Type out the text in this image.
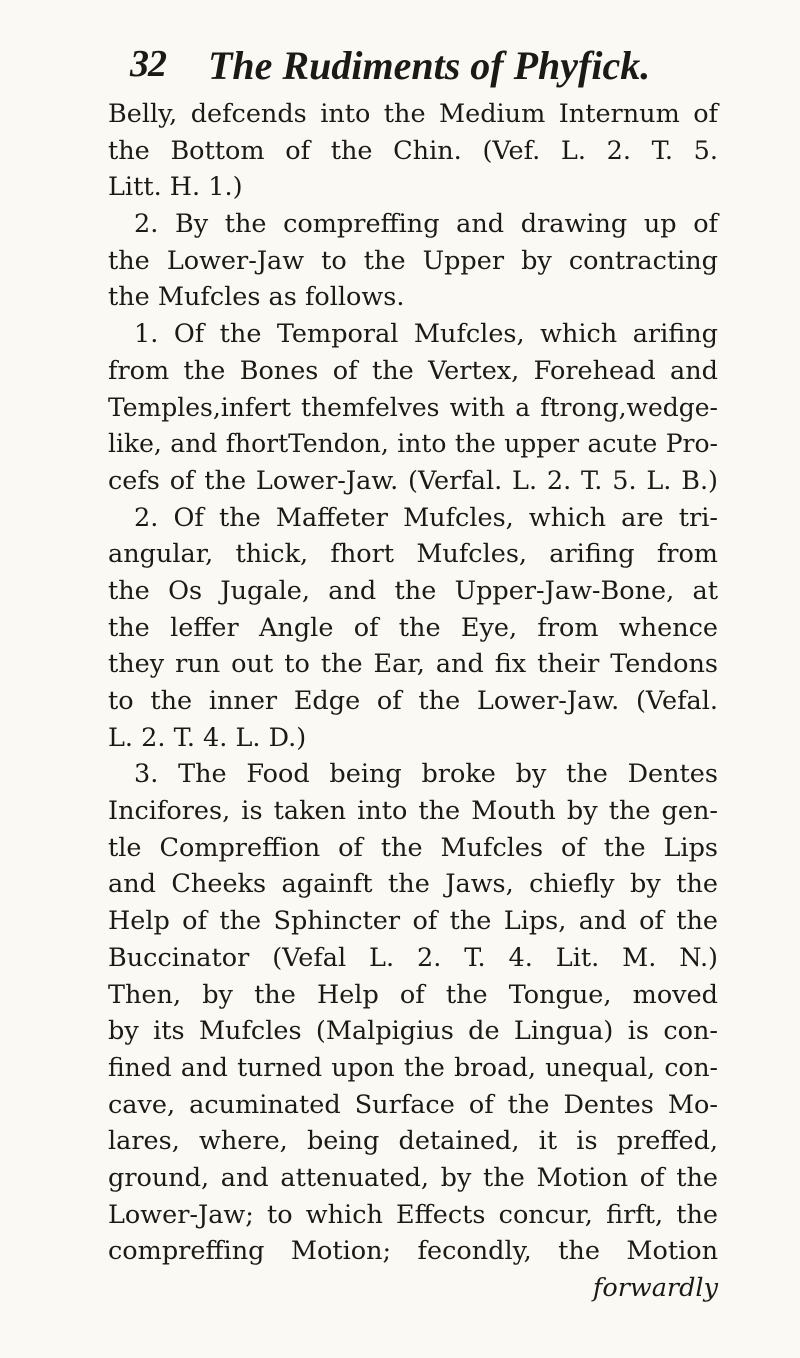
32 The Rudiments of Phyfick.
Belly, defcends into the Medium Internum of
the Bottom of the Chin. (Vef. L. 2. T. 5.
Litt. H. 1.)
2. By the compreffing and drawing up of
the Lower-Jaw to the Upper by contracting
the Mufcles as follows.
1. Of the Temporal Mufcles, which arifing
from the Bones of the Vertex, Forehead and
Temples,infert themfelves with a ftrong,wedge-
like, and fhortTendon, into the upper acute Pro-
cefs of the Lower-Jaw. (Verfal. L. 2. T. 5. L. B.)
2. Of the Maffeter Mufcles, which are tri-
angular, thick, fhort Mufcles, arifing from
the Os Jugale, and the Upper-Jaw-Bone, at
the leffer Angle of the Eye, from whence
they run out to the Ear, and fix their Tendons
to the inner Edge of the Lower-Jaw. (Vefal.
L. 2. T. 4. L. D.)
3. The Food being broke by the Dentes
Incifores, is taken into the Mouth by the gen-
tle Compreffion of the Mufcles of the Lips
and Cheeks againft the Jaws, chiefly by the
Help of the Sphincter of the Lips, and of the
Buccinator (Vefal L. 2. T. 4. Lit. M. N.)
Then, by the Help of the Tongue, moved
by its Mufcles (Malpigius de Lingua) is con-
fined and turned upon the broad, unequal, con-
cave, acuminated Surface of the Dentes Mo-
lares, where, being detained, it is preffed,
ground, and attenuated, by the Motion of the
Lower-Jaw; to which Effects concur, firft, the
compreffing Motion; fecondly, the Motion
forwardly
